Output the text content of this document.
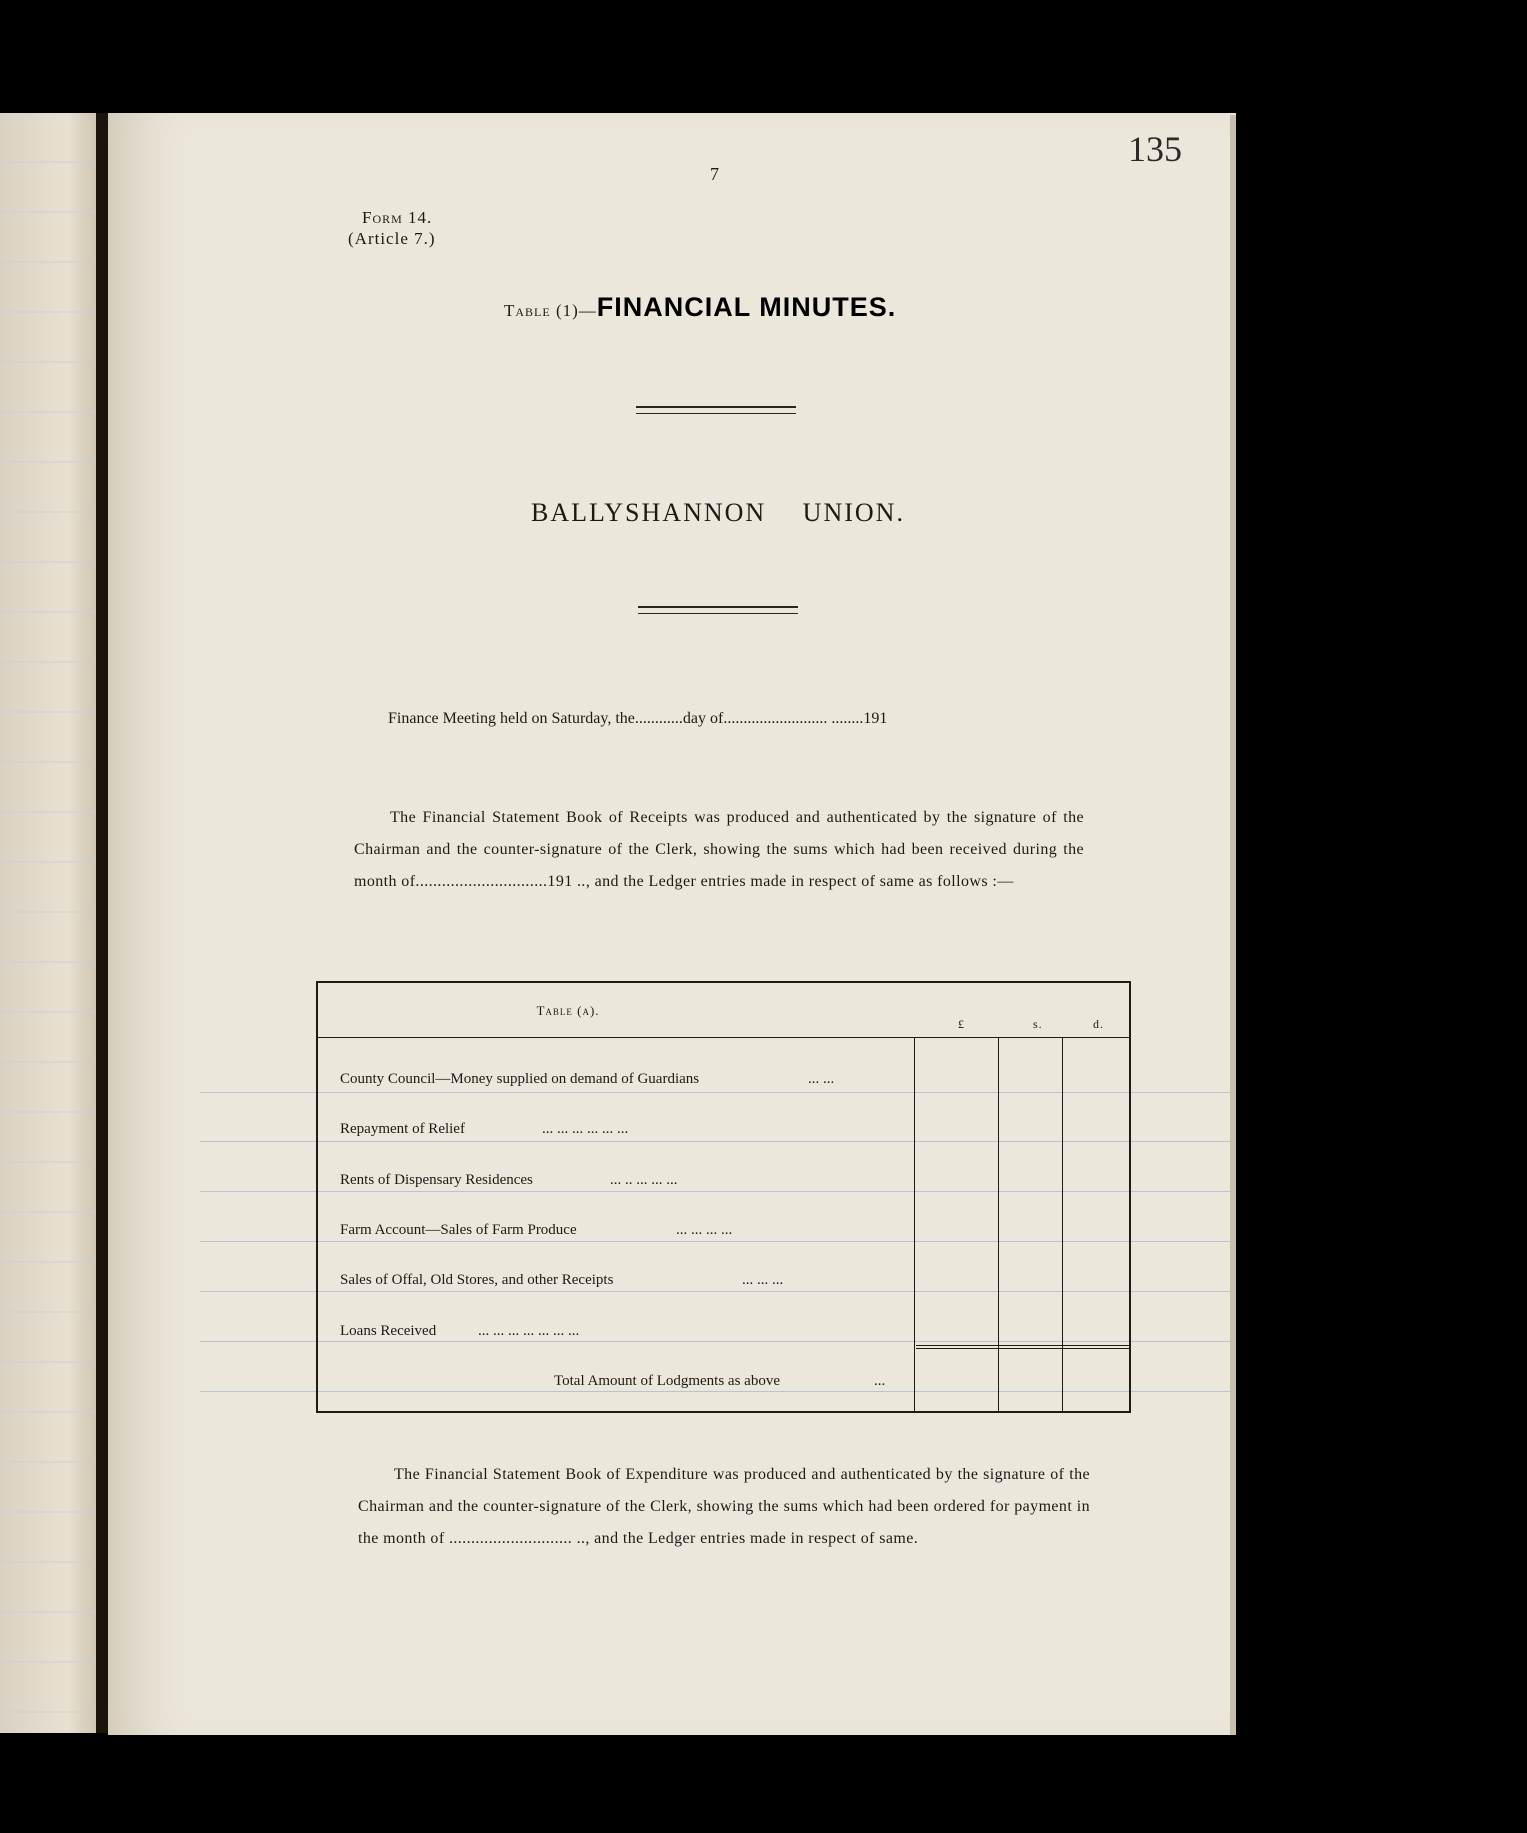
135
7
Form 14.
(Article 7.)
Table (1)—FINANCIAL MINUTES.
BALLYSHANNON UNION.
Finance Meeting held on Saturday, the............day of.......................... ........191
The Financial Statement Book of Receipts was produced and authenticated by the signature of the Chairman and the counter-signature of the Clerk, showing the sums which had been received during the month of..............................191 .., and the Ledger entries made in respect of same as follows :—
Table (a).
£	s.	d.
County Council—Money supplied on demand of Guardians	... ...
Repayment of Relief	... ... ... ... ... ...
Rents of Dispensary Residences	... .. ... ... ...
Farm Account—Sales of Farm Produce	... ... ... ...
Sales of Offal, Old Stores, and other Receipts	... ... ...
Loans Received	... ... ... ... ... ... ...
Total Amount of Lodgments as above	...
The Financial Statement Book of Expenditure was produced and authenticated by the signature of the Chairman and the counter-signature of the Clerk, showing the sums which had been ordered for payment in the month of ............................ .., and the Ledger entries made in respect of same.
